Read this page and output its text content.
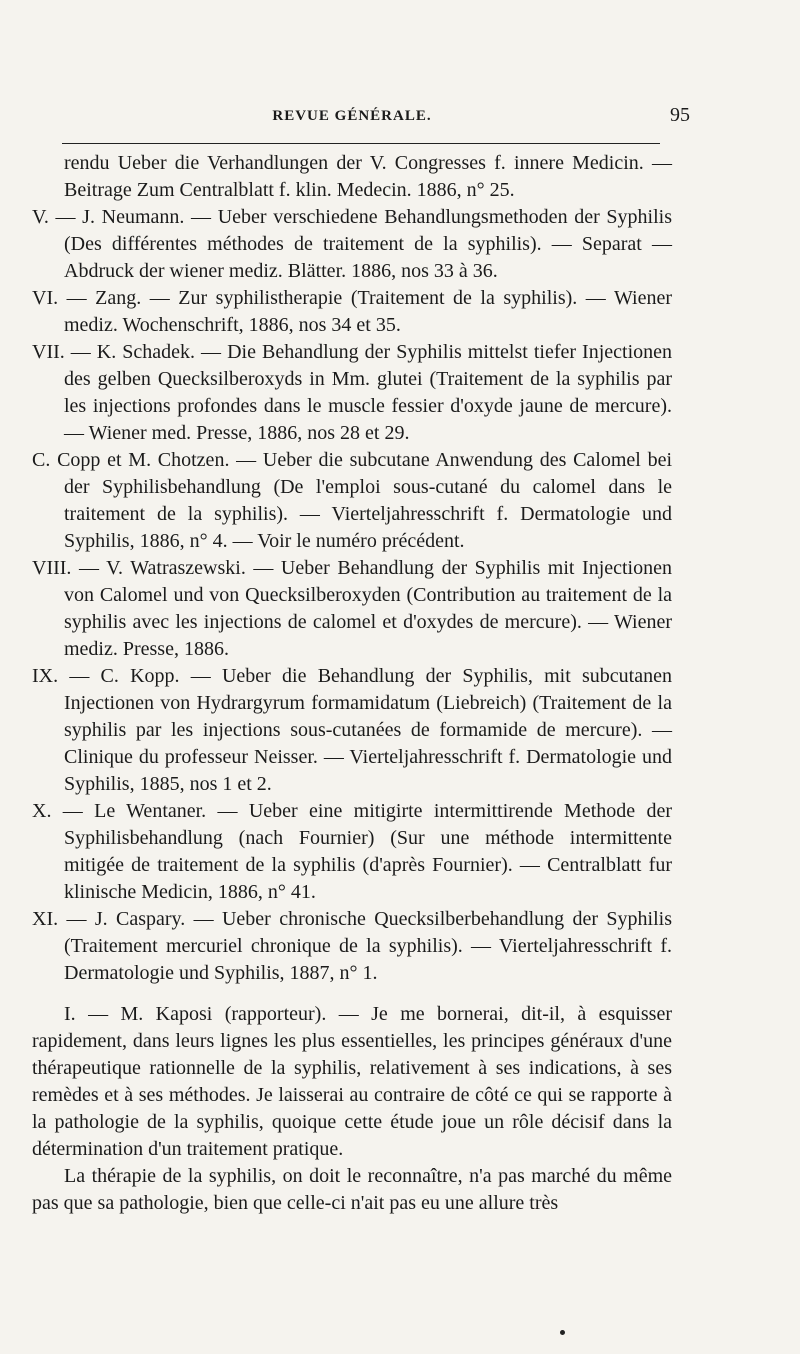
REVUE GÉNÉRALE.	95

rendu Ueber die Verhandlungen der V. Congresses f. innere Medicin. — Beitrage Zum Centralblatt f. klin. Medecin. 1886, n° 25.

V. — J. Neumann. — Ueber verschiedene Behandlungsmethoden der Syphilis (Des différentes méthodes de traitement de la syphilis). — Separat — Abdruck der wiener mediz. Blätter. 1886, nos 33 à 36.

VI. — Zang. — Zur syphilistherapie (Traitement de la syphilis). — Wiener mediz. Wochenschrift, 1886, nos 34 et 35.

VII. — K. Schadek. — Die Behandlung der Syphilis mittelst tiefer Injectionen des gelben Quecksilberoxyds in Mm. glutei (Traitement de la syphilis par les injections profondes dans le muscle fessier d'oxyde jaune de mercure). — Wiener med. Presse, 1886, nos 28 et 29.

C. Copp et M. Chotzen. — Ueber die subcutane Anwendung des Calomel bei der Syphilisbehandlung (De l'emploi sous-cutané du calomel dans le traitement de la syphilis). — Vierteljahresschrift f. Dermatologie und Syphilis, 1886, n° 4. — Voir le numéro précédent.

VIII. — V. Watraszewski. — Ueber Behandlung der Syphilis mit Injectionen von Calomel und von Quecksilberoxyden (Contribution au traitement de la syphilis avec les injections de calomel et d'oxydes de mercure). — Wiener mediz. Presse, 1886.

IX. — C. Kopp. — Ueber die Behandlung der Syphilis, mit subcutanen Injectionen von Hydrargyrum formamidatum (Liebreich) (Traitement de la syphilis par les injections sous-cutanées de formamide de mercure). — Clinique du professeur Neisser. — Vierteljahresschrift f. Dermatologie und Syphilis, 1885, nos 1 et 2.

X. — Le Wentaner. — Ueber eine mitigirte intermittirende Methode der Syphilisbehandlung (nach Fournier) (Sur une méthode intermittente mitigée de traitement de la syphilis (d'après Fournier). — Centralblatt fur klinische Medicin, 1886, n° 41.

XI. — J. Caspary. — Ueber chronische Quecksilberbehandlung der Syphilis (Traitement mercuriel chronique de la syphilis). — Vierteljahresschrift f. Dermatologie und Syphilis, 1887, n° 1.

I. — M. Kaposi (rapporteur). — Je me bornerai, dit-il, à esquisser rapidement, dans leurs lignes les plus essentielles, les principes généraux d'une thérapeutique rationnelle de la syphilis, relativement à ses indications, à ses remèdes et à ses méthodes. Je laisserai au contraire de côté ce qui se rapporte à la pathologie de la syphilis, quoique cette étude joue un rôle décisif dans la détermination d'un traitement pratique.

La thérapie de la syphilis, on doit le reconnaître, n'a pas marché du même pas que sa pathologie, bien que celle-ci n'ait pas eu une allure très
